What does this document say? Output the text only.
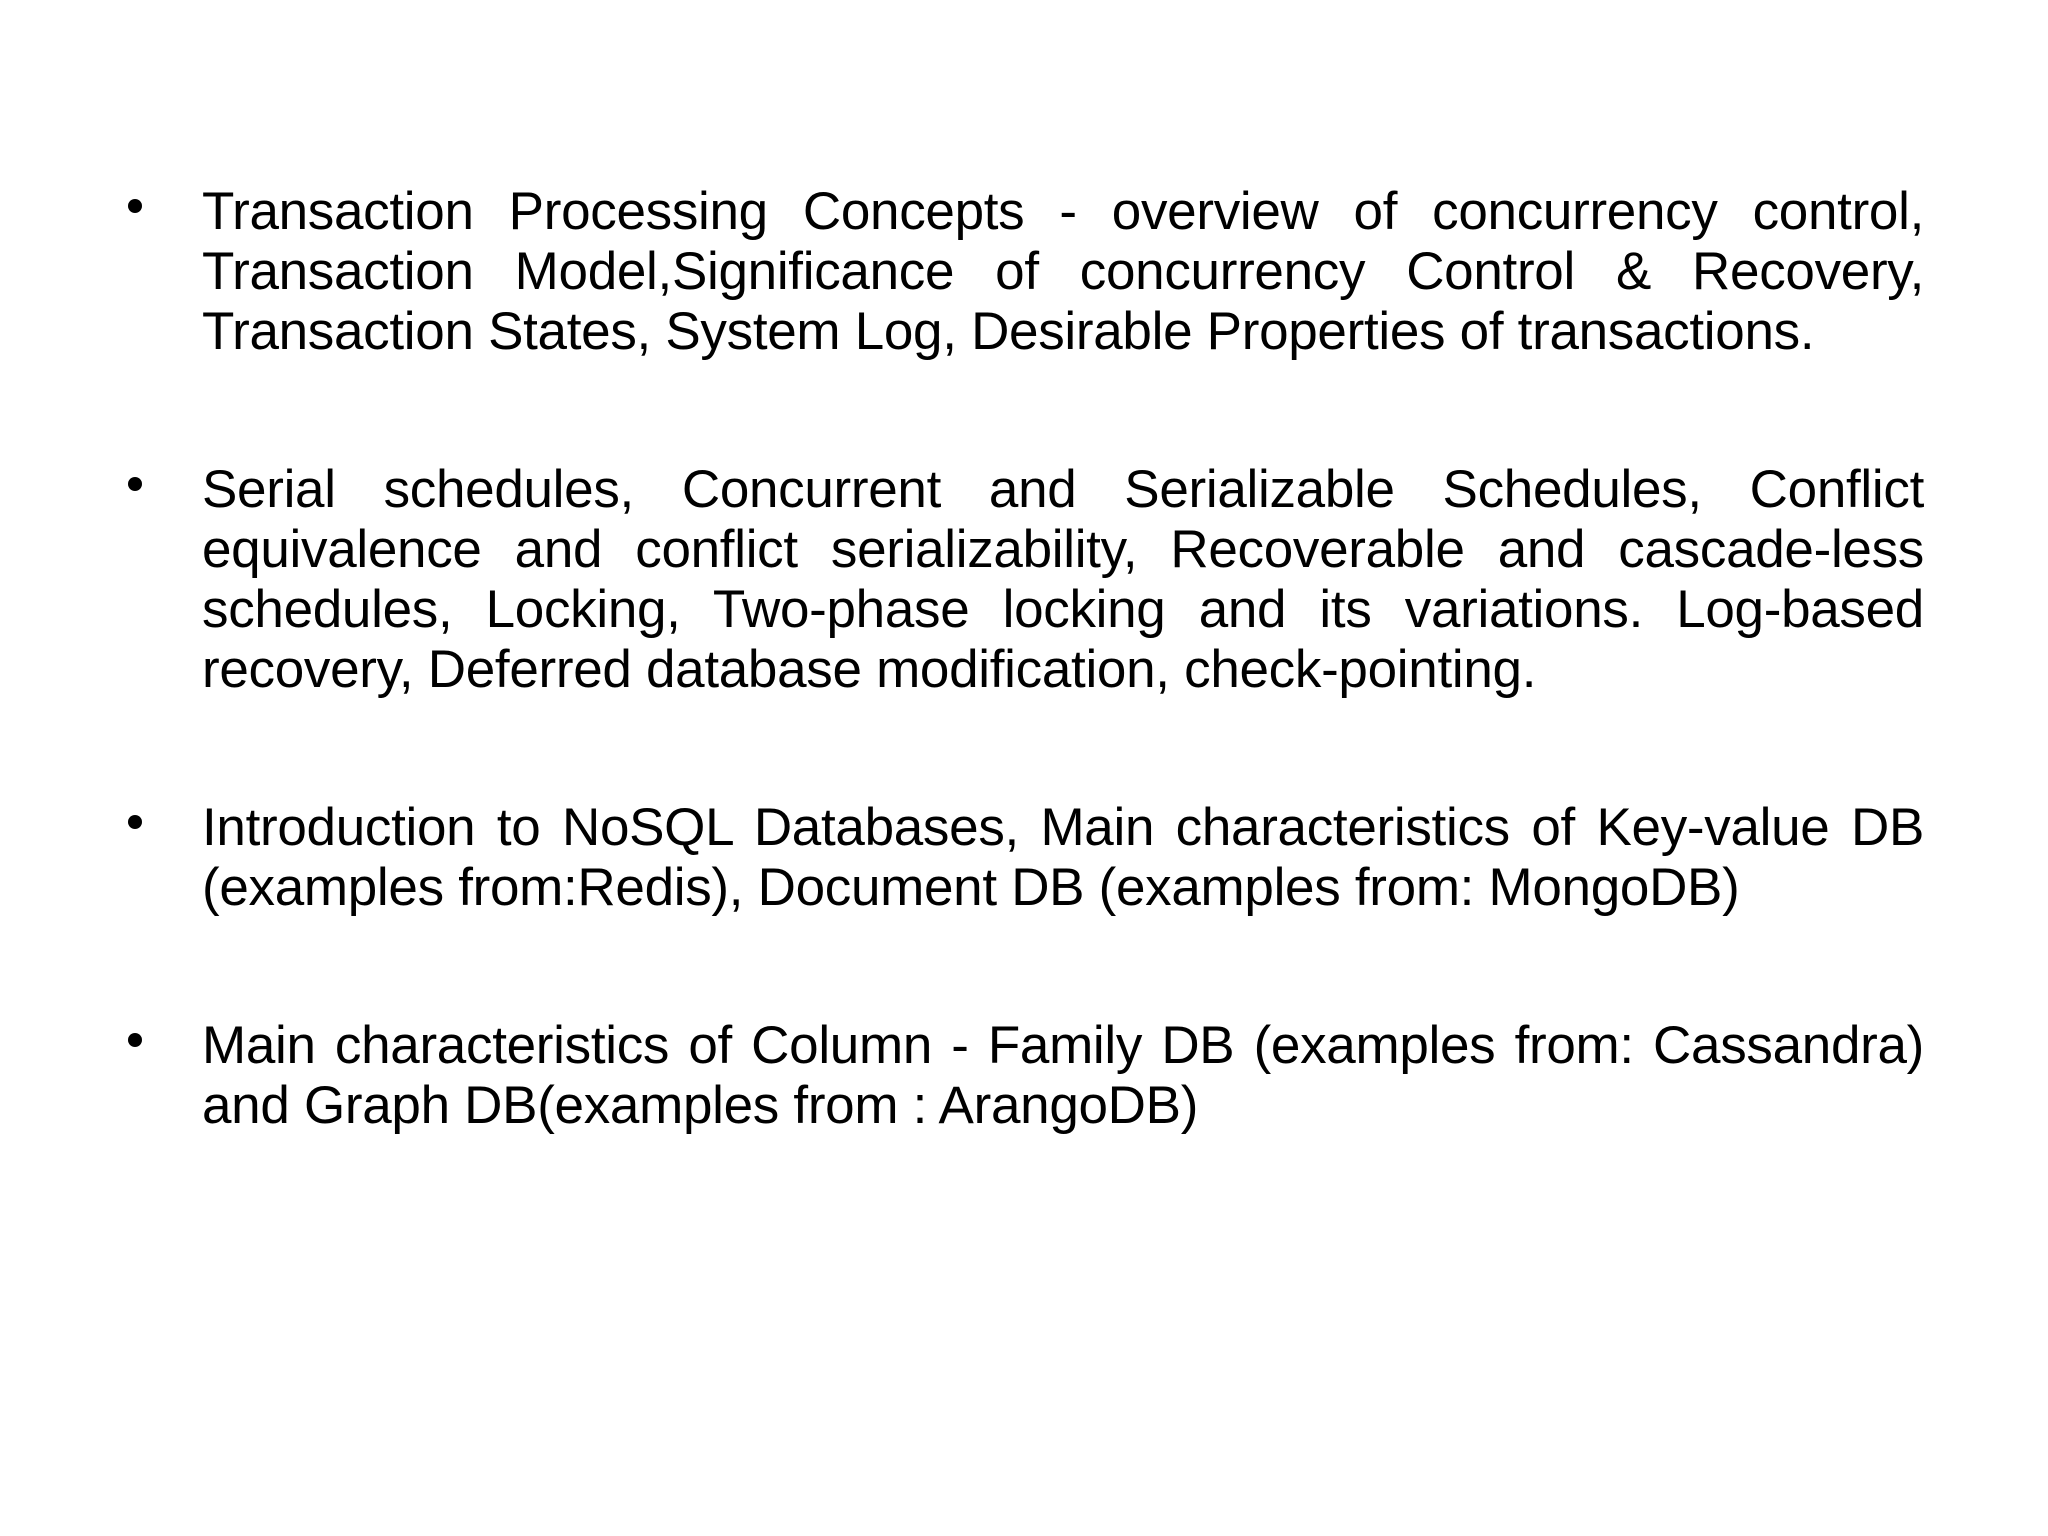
Transaction Processing Concepts - overview of concurrency control, Transaction Model,Significance of concurrency Control & Recovery, Transaction States, System Log, Desirable Properties of transactions.

Serial schedules, Concurrent and Serializable Schedules, Conflict equivalence and conflict serializability, Recoverable and cascade-less schedules, Locking, Two-phase locking and its variations. Log-based recovery, Deferred database modification, check-pointing.

Introduction to NoSQL Databases, Main characteristics of Key-value DB (examples from:Redis), Document DB (examples from: MongoDB)

Main characteristics of Column - Family DB (examples from: Cassandra) and Graph DB(examples from : ArangoDB)
